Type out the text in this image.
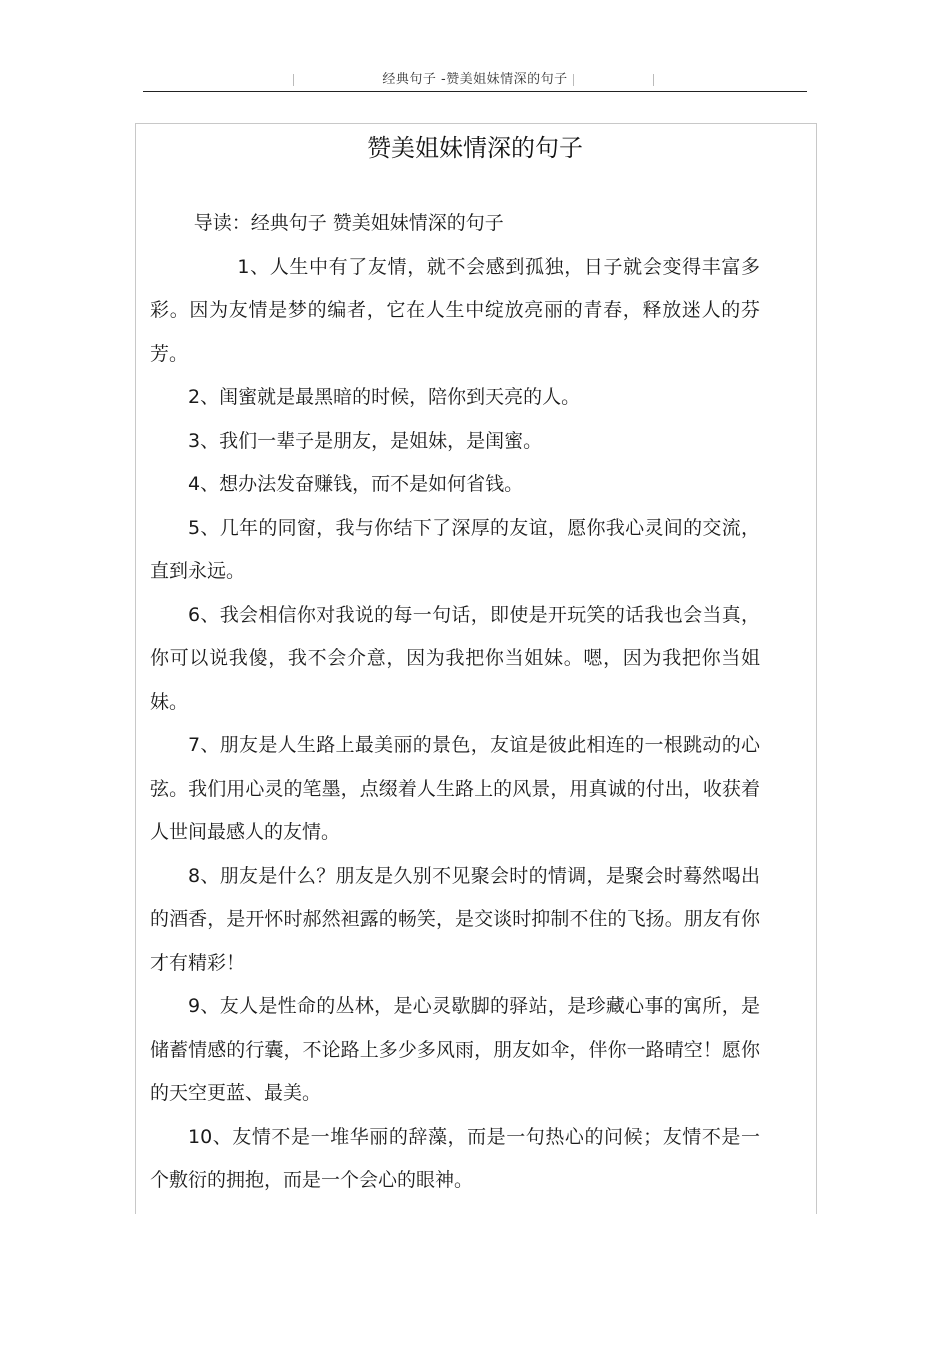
经典句子 -赞美姐妹情深的句子
赞美姐妹情深的句子

导读：经典句子 赞美姐妹情深的句子

1、人生中有了友情，就不会感到孤独，日子就会变得丰富多彩。因为友情是梦的编者，它在人生中绽放亮丽的青春，释放迷人的芬芳。

2、闺蜜就是最黑暗的时候，陪你到天亮的人。

3、我们一辈子是朋友，是姐妹，是闺蜜。

4、想办法发奋赚钱，而不是如何省钱。

5、几年的同窗，我与你结下了深厚的友谊，愿你我心灵间的交流，直到永远。

6、我会相信你对我说的每一句话，即使是开玩笑的话我也会当真，你可以说我傻，我不会介意，因为我把你当姐妹。嗯，因为我把你当姐妹。

7、朋友是人生路上最美丽的景色，友谊是彼此相连的一根跳动的心弦。我们用心灵的笔墨，点缀着人生路上的风景，用真诚的付出，收获着人世间最感人的友情。

8、朋友是什么？朋友是久别不见聚会时的情调，是聚会时蓦然喝出的酒香，是开怀时郝然袒露的畅笑，是交谈时抑制不住的飞扬。朋友有你才有精彩！

9、友人是性命的丛林，是心灵歇脚的驿站，是珍藏心事的寓所，是储蓄情感的行囊，不论路上多少多风雨，朋友如伞，伴你一路晴空！愿你的天空更蓝、最美。

10、友情不是一堆华丽的辞藻，而是一句热心的问候；友情不是一个敷衍的拥抱，而是一个会心的眼神。
